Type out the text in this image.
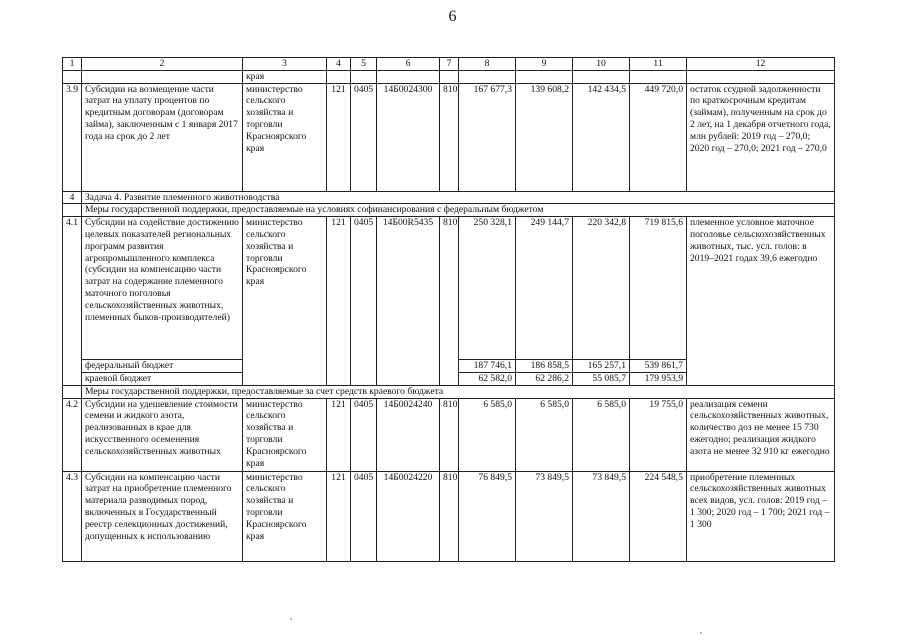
6
1	2	3	4	5	6	7	8	9	10	11	12
		края									
3.9	Субсидии на возмещение части затрат на уплату процентов по кредитным договорам (договорам займа), заключенным с 1 января 2017 года на срок до 2 лет	министерство сельского хозяйства и торговли Красноярского края	121	0405	14Б0024300	810	167 677,3	139 608,2	142 434,5	449 720,0	остаток ссудной задолженности по краткосрочным кредитам (займам), полученным на срок до 2 лет, на 1 декабря отчетного года, млн рублей: 2019 год – 270,0; 2020 год – 270,0; 2021 год – 270,0
4	Задача 4. Развитие племенного животноводства										
	Меры государственной поддержки, предоставляемые на условиях софинансирования с федеральным бюджетом										
4.1	Субсидии на содействие достижению целевых показателей региональных программ развития агропромышленного комплекса (субсидии на компенсацию части затрат на содержание племенного маточного поголовья сельскохозяйственных животных, племенных быков-производителей)	министерство сельского хозяйства и торговли Красноярского края	121	0405	14Б00R5435	810	250 328,1	249 144,7	220 342,8	719 815,6	племенное условное маточное поголовье сельскохозяйственных животных, тыс. усл. голов: в 2019–2021 годах 39,6 ежегодно
	федеральный бюджет						187 746,1	186 858,5	165 257,1	539 861,7	
	краевой бюджет						62 582,0	62 286,2	55 085,7	179 953,9	
	Меры государственной поддержки, предоставляемые за счет средств краевого бюджета										
4.2	Субсидии на удешевление стоимости семени и жидкого азота, реализованных в крае для искусственного осеменения сельскохозяйственных животных	министерство сельского хозяйства и торговли Красноярского края	121	0405	14Б0024240	810	6 585,0	6 585,0	6 585,0	19 755,0	реализация семени сельскохозяйственных животных, количество доз не менее 15 730 ежегодно; реализация жидкого азота не менее 32 910 кг ежегодно
4.3	Субсидии на компенсацию части затрат на приобретение племенного материала разводимых пород, включенных в Государственный реестр селекционных достижений, допущенных к использованию	министерство сельского хозяйства и торговли Красноярского края	121	0405	14Б0024220	810	76 849,5	73 849,5	73 849,5	224 548,5	приобретение племенных сельскохозяйственных животных всех видов, усл. голов: 2019 год – 1 300; 2020 год – 1 700; 2021 год – 1 300
